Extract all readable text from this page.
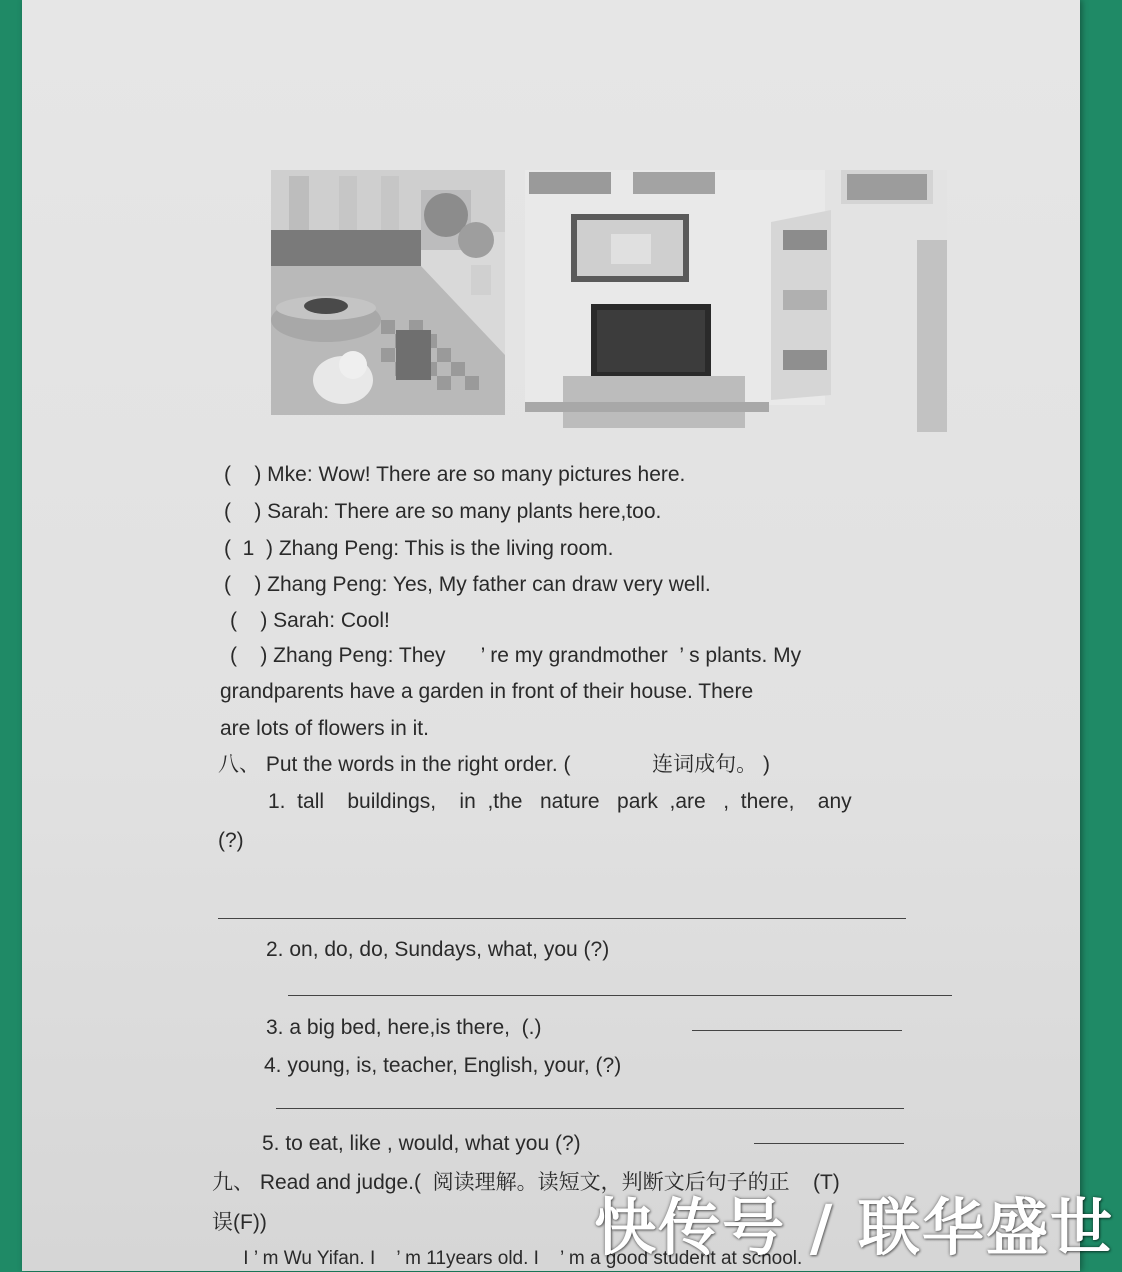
(    ) Mke: Wow! There are so many pictures here.
(    ) Sarah: There are so many plants here,too.
(  1  ) Zhang Peng: This is the living room.
(    ) Zhang Peng: Yes, My father can draw very well.
(    ) Sarah: Cool!
(    ) Zhang Peng: They      ’ re my grandmother  ’ s plants. My
grandparents have a garden in front of their house. There
are lots of flowers in it.
八、 Put the words in the right order. (              连词成句。 )
1.  tall    buildings,    in  ,the   nature   park  ,are   ,  there,    any
(?)
2. on, do, do, Sundays, what, you (?)
3. a big bed, here,is there,  (.)
4. young, is, teacher, English, your, (?)
5. to eat, like , would, what you (?)
九、 Read and judge.(  阅读理解。读短文，判断文后句子的正    (T)
误(F))
I ’ m Wu Yifan. I    ’ m 11years old. I    ’ m a good student at school.
快传号 / 联华盛世
